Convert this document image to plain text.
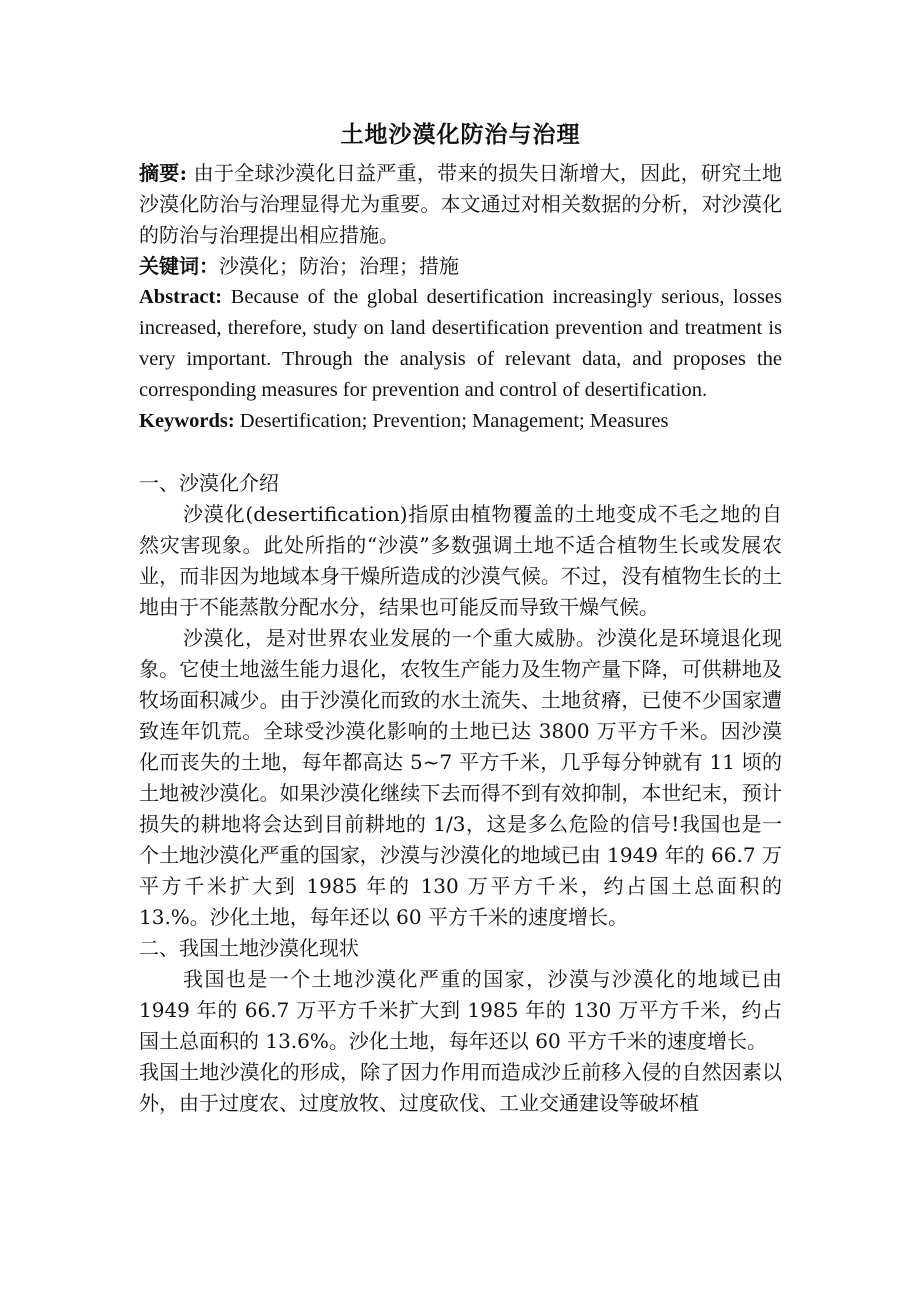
土地沙漠化防治与治理

摘要: 由于全球沙漠化日益严重，带来的损失日渐增大，因此，研究土地沙漠化防治与治理显得尤为重要。本文通过对相关数据的分析，对沙漠化的防治与治理提出相应措施。

关键词：沙漠化；防治；治理；措施

Abstract: Because of the global desertification increasingly serious, losses increased, therefore, study on land desertification prevention and treatment is very important. Through the analysis of relevant data, and proposes the corresponding measures for prevention and control of desertification.

Keywords: Desertification; Prevention; Management; Measures

一、沙漠化介绍

沙漠化(desertification)指原由植物覆盖的土地变成不毛之地的自然灾害现象。此处所指的“沙漠”多数强调土地不适合植物生长或发展农业，而非因为地域本身干燥所造成的沙漠气候。不过，没有植物生长的土地由于不能蒸散分配水分，结果也可能反而导致干燥气候。

沙漠化，是对世界农业发展的一个重大威胁。沙漠化是环境退化现象。它使土地滋生能力退化，农牧生产能力及生物产量下降，可供耕地及牧场面积减少。由于沙漠化而致的水土流失、土地贫瘠，已使不少国家遭致连年饥荒。全球受沙漠化影响的土地已达 3800 万平方千米。因沙漠化而丧失的土地，每年都高达 5~7 平方千米，几乎每分钟就有 11 顷的土地被沙漠化。如果沙漠化继续下去而得不到有效抑制，本世纪末，预计损失的耕地将会达到目前耕地的 1/3，这是多么危险的信号!我国也是一个土地沙漠化严重的国家，沙漠与沙漠化的地域已由 1949 年的 66.7 万平方千米扩大到 1985 年的 130 万平方千米，约占国土总面积的 13.%。沙化土地，每年还以 60 平方千米的速度增长。

二、我国土地沙漠化现状

我国也是一个土地沙漠化严重的国家，沙漠与沙漠化的地域已由 1949 年的 66.7 万平方千米扩大到 1985 年的 130 万平方千米，约占国土总面积的 13.6%。沙化土地，每年还以 60 平方千米的速度增长。

我国土地沙漠化的形成，除了因力作用而造成沙丘前移入侵的自然因素以外，由于过度农、过度放牧、过度砍伐、工业交通建设等破坏植
